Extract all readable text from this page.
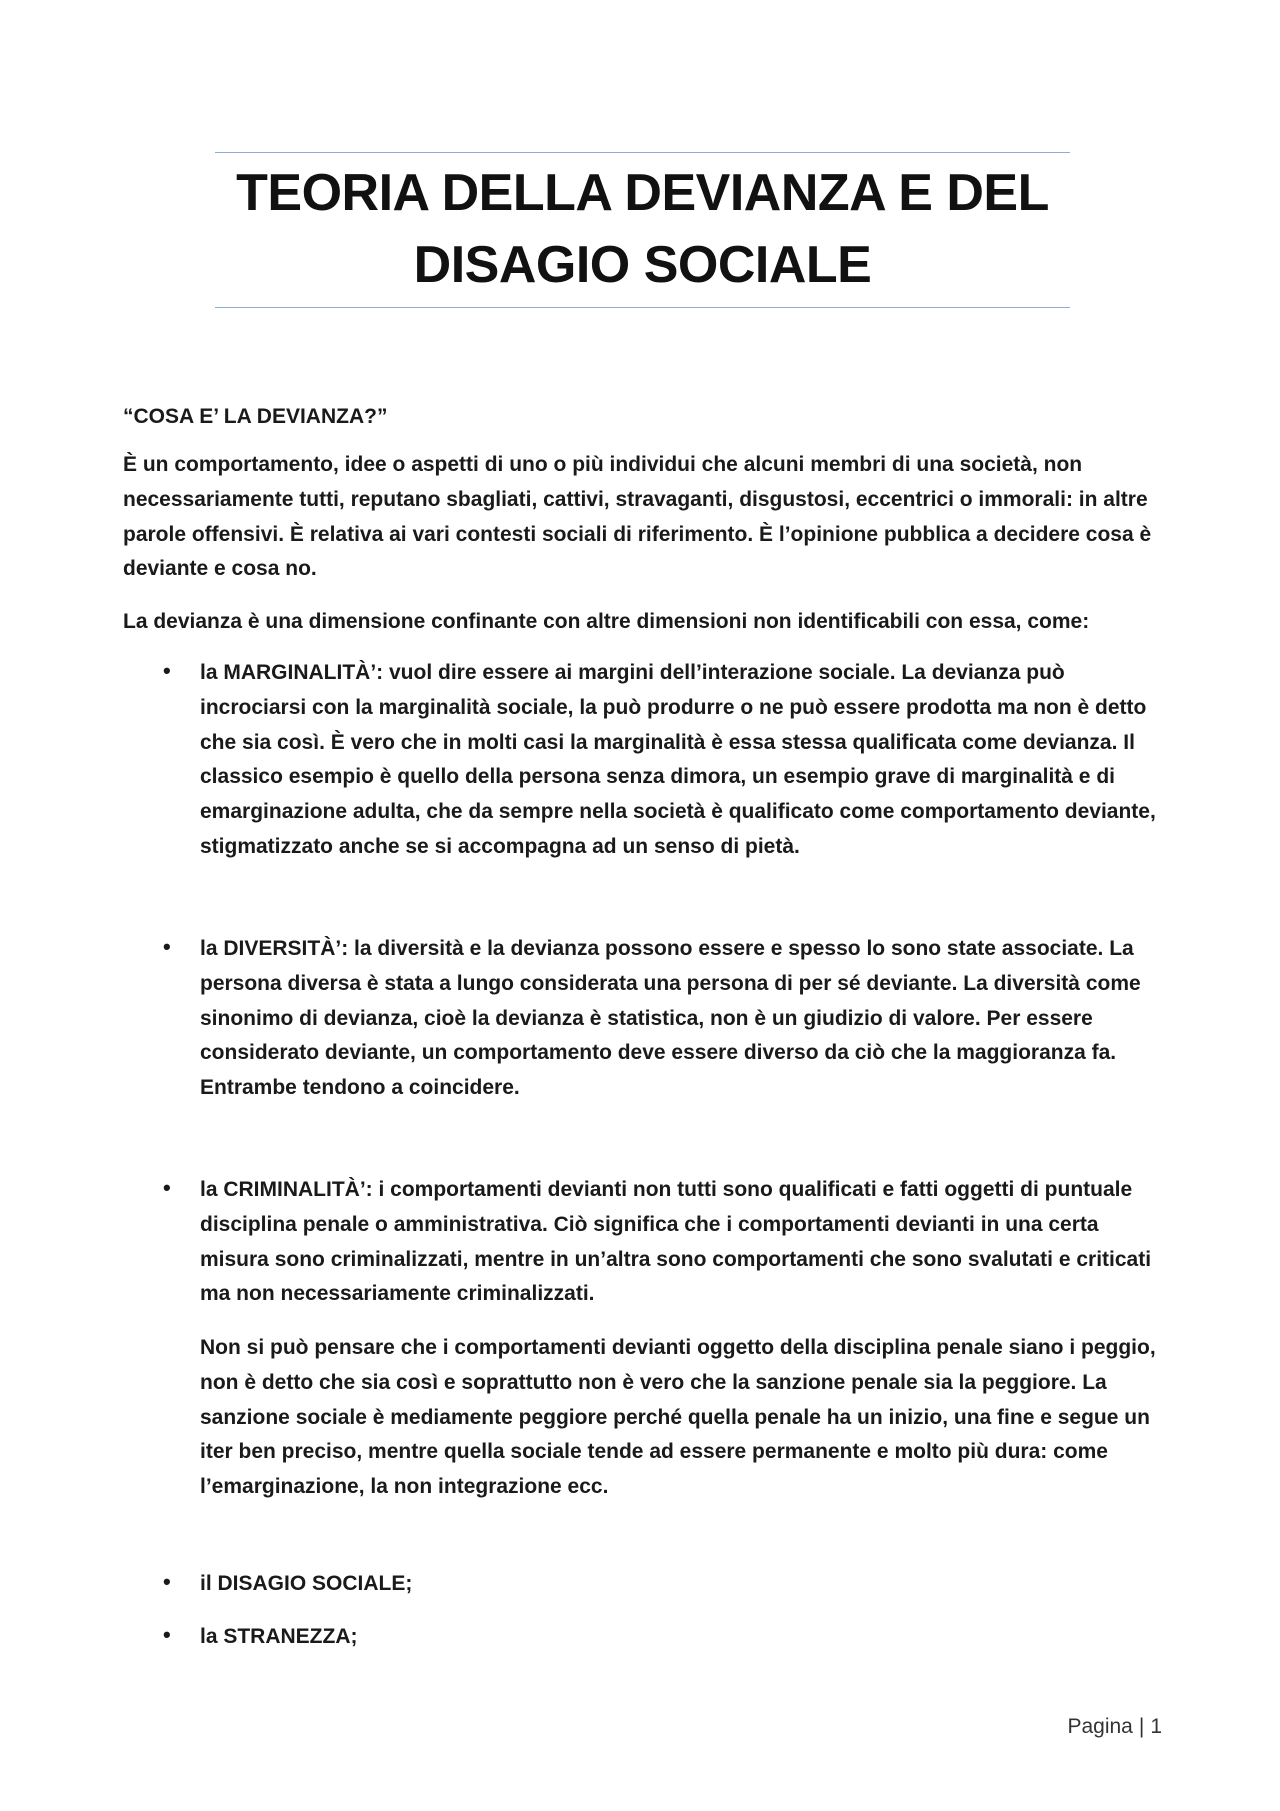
TEORIA DELLA DEVIANZA E DEL
DISAGIO SOCIALE

“COSA E’ LA DEVIANZA?”

È un comportamento, idee o aspetti di uno o più individui che alcuni membri di una società, non necessariamente tutti, reputano sbagliati, cattivi, stravaganti, disgustosi, eccentrici o immorali: in altre parole offensivi. È relativa ai vari contesti sociali di riferimento. È l’opinione pubblica a decidere cosa è deviante e cosa no.

La devianza è una dimensione confinante con altre dimensioni non identificabili con essa, come:

• la MARGINALITÀ’: vuol dire essere ai margini dell’interazione sociale. La devianza può incrociarsi con la marginalità sociale, la può produrre o ne può essere prodotta ma non è detto che sia così. È vero che in molti casi la marginalità è essa stessa qualificata come devianza. Il classico esempio è quello della persona senza dimora, un esempio grave di marginalità e di emarginazione adulta, che da sempre nella società è qualificato come comportamento deviante, stigmatizzato anche se si accompagna ad un senso di pietà.

• la DIVERSITÀ’: la diversità e la devianza possono essere e spesso lo sono state associate. La persona diversa è stata a lungo considerata una persona di per sé deviante. La diversità come sinonimo di devianza, cioè la devianza è statistica, non è un giudizio di valore. Per essere considerato deviante, un comportamento deve essere diverso da ciò che la maggioranza fa. Entrambe tendono a coincidere.

• la CRIMINALITÀ’: i comportamenti devianti non tutti sono qualificati e fatti oggetti di puntuale disciplina penale o amministrativa. Ciò significa che i comportamenti devianti in una certa misura sono criminalizzati, mentre in un’altra sono comportamenti che sono svalutati e criticati ma non necessariamente criminalizzati.

Non si può pensare che i comportamenti devianti oggetto della disciplina penale siano i peggio, non è detto che sia così e soprattutto non è vero che la sanzione penale sia la peggiore. La sanzione sociale è mediamente peggiore perché quella penale ha un inizio, una fine e segue un iter ben preciso, mentre quella sociale tende ad essere permanente e molto più dura: come l’emarginazione, la non integrazione ecc.

• il DISAGIO SOCIALE;

• la STRANEZZA;

Pagina | 1
